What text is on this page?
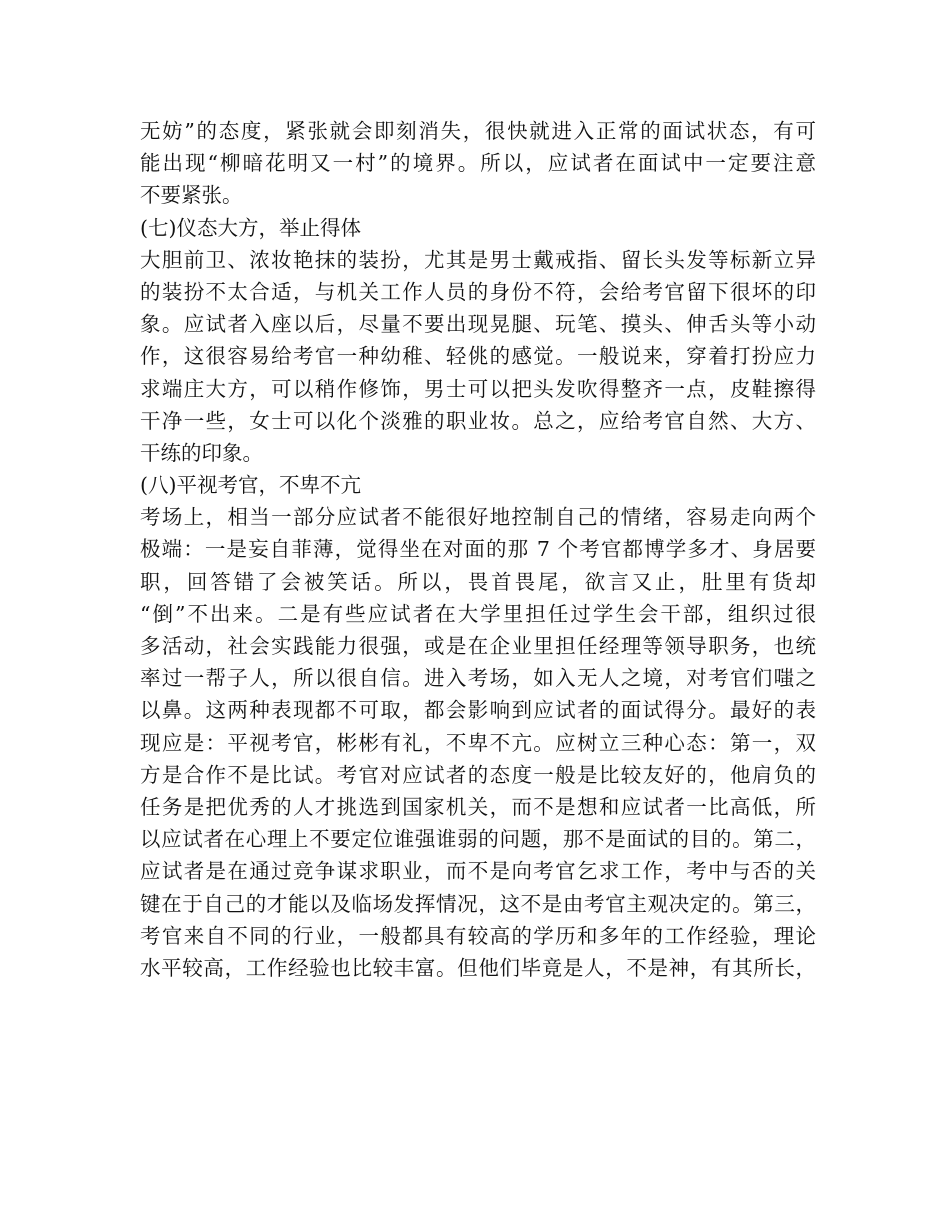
无妨”的态度，紧张就会即刻消失，很快就进入正常的面试状态，有可
能出现“柳暗花明又一村”的境界。所以，应试者在面试中一定要注意
不要紧张。
(七)仪态大方，举止得体
大胆前卫、浓妆艳抹的装扮，尤其是男士戴戒指、留长头发等标新立异
的装扮不太合适，与机关工作人员的身份不符，会给考官留下很坏的印
象。应试者入座以后，尽量不要出现晃腿、玩笔、摸头、伸舌头等小动
作，这很容易给考官一种幼稚、轻佻的感觉。一般说来，穿着打扮应力
求端庄大方，可以稍作修饰，男士可以把头发吹得整齐一点，皮鞋擦得
干净一些，女士可以化个淡雅的职业妆。总之，应给考官自然、大方、
干练的印象。
(八)平视考官，不卑不亢
考场上，相当一部分应试者不能很好地控制自己的情绪，容易走向两个
极端：一是妄自菲薄，觉得坐在对面的那 7 个考官都博学多才、身居要
职，回答错了会被笑话。所以，畏首畏尾，欲言又止，肚里有货却
“倒”不出来。二是有些应试者在大学里担任过学生会干部，组织过很
多活动，社会实践能力很强，或是在企业里担任经理等领导职务，也统
率过一帮子人，所以很自信。进入考场，如入无人之境，对考官们嗤之
以鼻。这两种表现都不可取，都会影响到应试者的面试得分。最好的表
现应是：平视考官，彬彬有礼，不卑不亢。应树立三种心态：第一，双
方是合作不是比试。考官对应试者的态度一般是比较友好的，他肩负的
任务是把优秀的人才挑选到国家机关，而不是想和应试者一比高低，所
以应试者在心理上不要定位谁强谁弱的问题，那不是面试的目的。第二，
应试者是在通过竞争谋求职业，而不是向考官乞求工作，考中与否的关
键在于自己的才能以及临场发挥情况，这不是由考官主观决定的。第三，
考官来自不同的行业，一般都具有较高的学历和多年的工作经验，理论
水平较高，工作经验也比较丰富。但他们毕竟是人，不是神，有其所长，
